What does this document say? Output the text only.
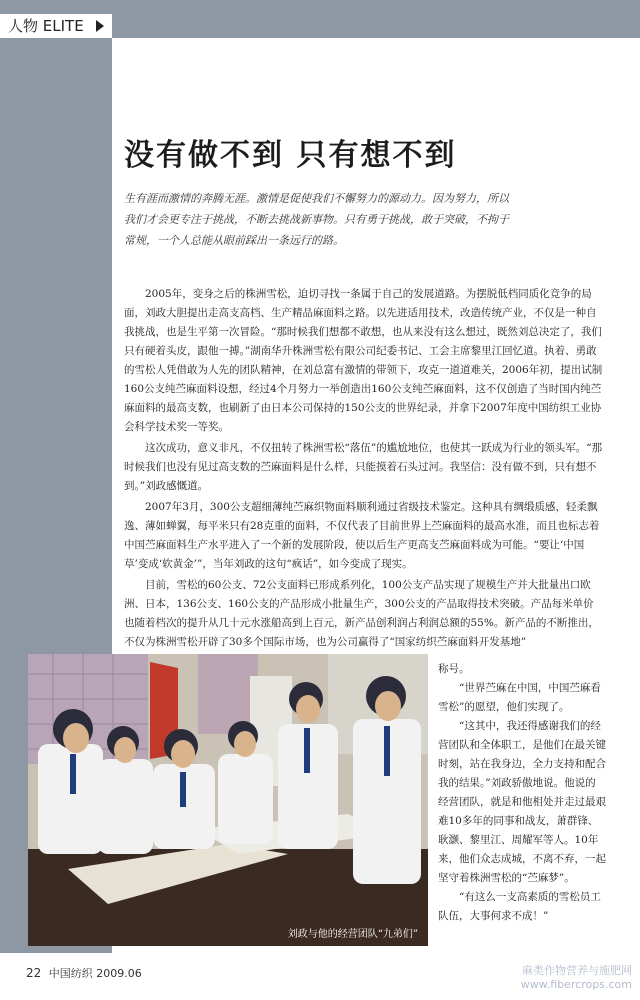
人物 ELITE
没有做不到 只有想不到
生有涯而激情的奔腾无涯。激情是促使我们不懈努力的源动力。因为努力，所以我们才会更专注于挑战，不断去挑战新事物。只有勇于挑战，敢于突破，不拘于常规，一个人总能从眼前踩出一条远行的路。

2005年，变身之后的株洲雪松，迫切寻找一条属于自己的发展道路。为摆脱低档同质化竞争的局面，刘政大胆提出走高支高档、生产精品麻面料之路。以先进适用技术，改造传统产业，不仅是一种自我挑战，也是生平第一次冒险。“那时候我们想都不敢想，也从来没有这么想过，既然刘总决定了，我们只有硬着头皮，跟他一搏。”湖南华升株洲雪松有限公司纪委书记、工会主席黎里江回忆道。执着、勇敢的雪松人凭借敢为人先的团队精神，在刘总富有激情的带领下，攻克一道道难关，2006年初，提出试制160公支纯苎麻面料设想，经过4个月努力一举创造出160公支纯苎麻面料，这不仅创造了当时国内纯苎麻面料的最高支数，也刷新了由日本公司保持的150公支的世界纪录，并拿下2007年度中国纺织工业协会科学技术奖一等奖。

这次成功，意义非凡，不仅扭转了株洲雪松“落伍”的尴尬地位，也使其一跃成为行业的领头军。“那时候我们也没有见过高支数的苎麻面料是什么样，只能摸着石头过河。我坚信：没有做不到，只有想不到。”刘政感慨道。

2007年3月，300公支超细薄纯苎麻织物面料顺利通过省级技术鉴定。这种具有绸缎质感，轻柔飘逸、薄如蝉翼，每平米只有28克重的面料，不仅代表了目前世界上苎麻面料的最高水准，而且也标志着中国苎麻面料生产水平进入了一个新的发展阶段，使以后生产更高支苎麻面料成为可能。“要让‘中国草’变成‘软黄金’”，当年刘政的这句“疯话”，如今变成了现实。

目前，雪松的60公支、72公支面料已形成系列化，100公支产品实现了规模生产并大批量出口欧洲、日本，136公支、160公支的产品形成小批量生产，300公支的产品取得技术突破。产品每米单价也随着档次的提升从几十元水涨船高到上百元，新产品创利润占利润总额的55%。新产品的不断推出，不仅为株洲雪松开辟了30多个国际市场，也为公司赢得了“国家纺织苎麻面料开发基地”

称号。

“世界苎麻在中国，中国苎麻看雪松”的愿望，他们实现了。

“这其中，我还得感谢我们的经营团队和全体职工，是他们在最关键时刻，站在我身边，全力支持和配合我的结果。”刘政骄傲地说。他说的经营团队，就是和他相处并走过最艰难10多年的同事和战友，萧群锋、耿灏、黎里江、周耀军等人。10年来，他们众志成城，不离不弃，一起坚守着株洲雪松的“苎麻梦”。

“有这么一支高素质的雪松员工队伍，大事何求不成！”

刘政与他的经营团队“九弟们”
22 中国纺织 2009.06	麻类作物营养与施肥网
www.fibercrops.com
